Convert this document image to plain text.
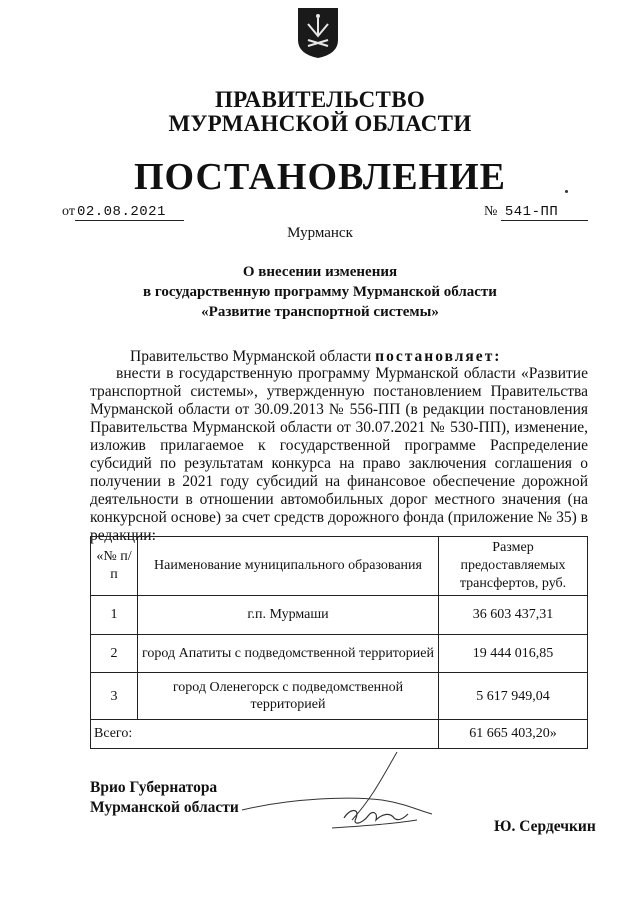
ПРАВИТЕЛЬСТВО
МУРМАНСКОЙ ОБЛАСТИ
ПОСТАНОВЛЕНИЕ
от 02.08.2021	№ 541-ПП
Мурманск
О внесении изменения
в государственную программу Мурманской области
«Развитие транспортной системы»
Правительство Мурманской области постановляет:
внести в государственную программу Мурманской области «Развитие транспортной системы», утвержденную постановлением Правительства Мурманской области от 30.09.2013 № 556-ПП (в редакции постановления Правительства Мурманской области от 30.07.2021 № 530-ПП), изменение, изложив прилагаемое к государственной программе Распределение субсидий по результатам конкурса на право заключения соглашения о получении в 2021 году субсидий на финансовое обеспечение дорожной деятельности в отношении автомобильных дорог местного значения (на конкурсной основе) за счет средств дорожного фонда (приложение № 35) в редакции:
«№ п/п	Наименование муниципального образования	Размер предоставляемых трансфертов, руб.
1	г.п. Мурмаши	36 603 437,31
2	город Апатиты с подведомственной территорией	19 444 016,85
3	город Оленегорск с подведомственной территорией	5 617 949,04
Всего:		61 665 403,20»
Врио Губернатора
Мурманской области
Ю. Сердечкин
